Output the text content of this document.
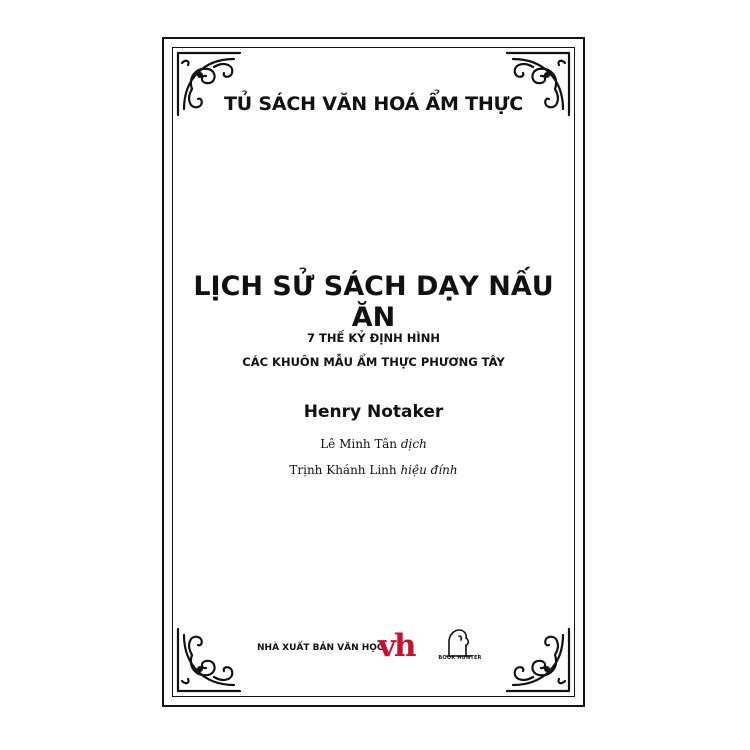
TỦ SÁCH VĂN HOÁ ẨM THỰC
LỊCH SỬ SÁCH DẠY NẤU ĂN
7 THẾ KỶ ĐỊNH HÌNH
CÁC KHUÔN MẪU ẨM THỰC PHƯƠNG TÂY
Henry Notaker
Lê Minh Tân dịch
Trịnh Khánh Linh hiệu đính
NHÀ XUẤT BẢN VĂN HỌC
vh	BOOK HUNTER
